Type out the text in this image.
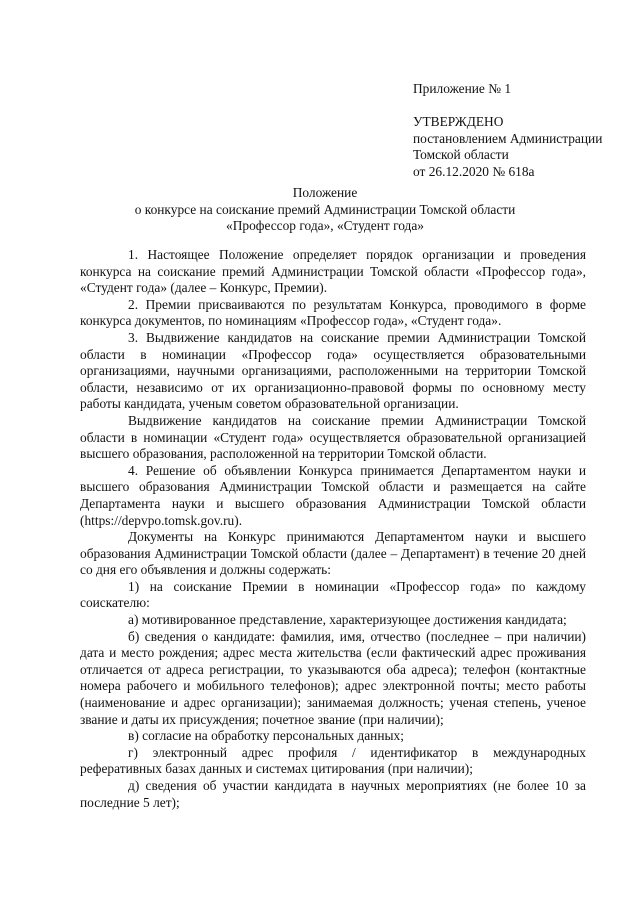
Приложение № 1
УТВЕРЖДЕНО
постановлением Администрации
Томской области
от 26.12.2020 № 618а
Положение
о конкурсе на соискание премий Администрации Томской области
«Профессор года», «Студент года»

1. Настоящее Положение определяет порядок организации и проведения конкурса на соискание премий Администрации Томской области «Профессор года», «Студент года» (далее – Конкурс, Премии).

2. Премии присваиваются по результатам Конкурса, проводимого в форме конкурса документов, по номинациям «Профессор года», «Студент года».

3. Выдвижение кандидатов на соискание премии Администрации Томской области в номинации «Профессор года» осуществляется образовательными организациями, научными организациями, расположенными на территории Томской области, независимо от их организационно-правовой формы по основному месту работы кандидата, ученым советом образовательной организации.

Выдвижение кандидатов на соискание премии Администрации Томской области в номинации «Студент года» осуществляется образовательной организацией высшего образования, расположенной на территории Томской области.

4. Решение об объявлении Конкурса принимается Департаментом науки и высшего образования Администрации Томской области и размещается на сайте Департамента науки и высшего образования Администрации Томской области (https://depvpo.tomsk.gov.ru).

Документы на Конкурс принимаются Департаментом науки и высшего образования Администрации Томской области (далее – Департамент) в течение 20 дней со дня его объявления и должны содержать:

1) на соискание Премии в номинации «Профессор года» по каждому соискателю:

а) мотивированное представление, характеризующее достижения кандидата;

б) сведения о кандидате: фамилия, имя, отчество (последнее – при наличии) дата и место рождения; адрес места жительства (если фактический адрес проживания отличается от адреса регистрации, то указываются оба адреса); телефон (контактные номера рабочего и мобильного телефонов); адрес электронной почты; место работы (наименование и адрес организации); занимаемая должность; ученая степень, ученое звание и даты их присуждения; почетное звание (при наличии);

в) согласие на обработку персональных данных;

г) электронный адрес профиля / идентификатор в международных реферативных базах данных и системах цитирования (при наличии);

д) сведения об участии кандидата в научных мероприятиях (не более 10 за последние 5 лет);
